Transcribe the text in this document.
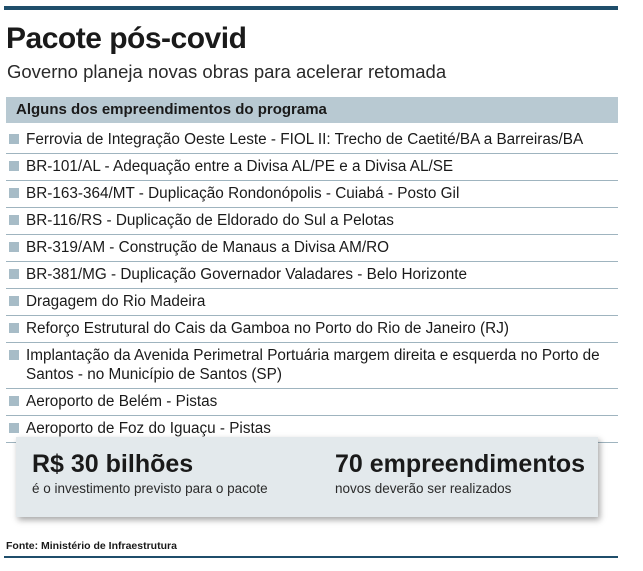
Pacote pós-covid
Governo planeja novas obras para acelerar retomada
Alguns dos empreendimentos do programa
Ferrovia de Integração Oeste Leste - FIOL II: Trecho de Caetité/BA a Barreiras/BA
BR-101/AL - Adequação entre a Divisa AL/PE e a Divisa AL/SE
BR-163-364/MT - Duplicação Rondonópolis - Cuiabá - Posto Gil
BR-116/RS - Duplicação de Eldorado do Sul a Pelotas
BR-319/AM - Construção de Manaus a Divisa AM/RO
BR-381/MG - Duplicação Governador Valadares - Belo Horizonte
Dragagem do Rio Madeira
Reforço Estrutural do Cais da Gamboa no Porto do Rio de Janeiro (RJ)
Implantação da Avenida Perimetral Portuária margem direita e esquerda no Porto de Santos - no Município de Santos (SP)
Aeroporto de Belém - Pistas
Aeroporto de Foz do Iguaçu - Pistas
R$ 30 bilhões
é o investimento previsto para o pacote
70 empreendimentos
novos deverão ser realizados
Fonte: Ministério de Infraestrutura
